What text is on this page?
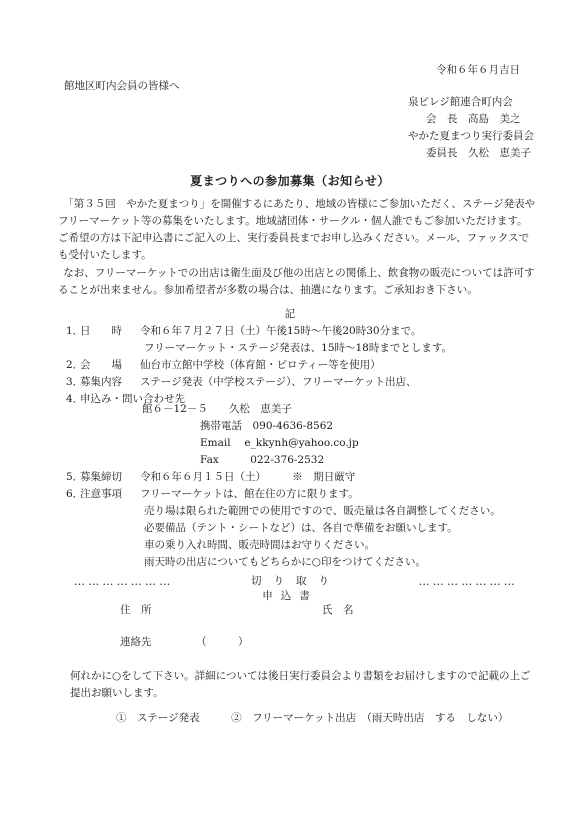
令和６年６月吉日
館地区町内会員の皆様へ
泉ビレジ館連合町内会
会　長　高島　美之
やかた夏まつり実行委員会
委員長　久松　恵美子
夏まつりへの参加募集（お知らせ）

「第３５回　やかた夏まつり」を開催するにあたり、地域の皆様にご参加いただく、ステージ発表やフリーマーケット等の募集をいたします。地域諸団体・サークル・個人誰でもご参加いただけます。ご希望の方は下記申込書にご記入の上、実行委員長までお申し込みください。メール、ファックスでも受付いたします。

なお、フリーマーケットでの出店は衛生面及び他の出店との関係上、飲食物の販売については許可することが出来ません。参加希望者が多数の場合は、抽選になります。ご承知おき下さい。

記
1．
日　　時	令和６年７月２７日（土）午後15時～午後20時30分まで。
フリーマーケット・ステージ発表は、15時～18時までとします。
2．
会　　場	仙台市立館中学校（体育館・ピロティー等を使用）
3．
募集内容	ステージ発表（中学校ステージ）、フリーマーケット出店、
4．
申込み・問い合わせ先
館６－12－５　　久松　恵美子
携帯電話　090-4636-8562
Email　 e_kkynh@yahoo.co.jp
Fax　　　022-376-2532
5．
募集締切	令和６年６月１５日（土）　　　※　期日厳守
6．
注意事項	フリーマーケットは、館在住の方に限ります。
売り場は限られた範囲での使用ですので、販売量は各自調整してください。
必要備品（テント・シートなど）は、各自で準備をお願いします。
車の乗り入れ時間、販売時間はお守りください。
雨天時の出店についてもどちらかに○印をつけてください。
…………………	切り取り	…………………
申込書
住　所	氏　名
連絡先	（　　　）

何れかに○をして下さい。詳細については後日実行委員会より書類をお届けしますので記載の上ご提出お願いします。

①　ステージ発表　　　②　フリーマーケット出店　（雨天時出店　する　しない）
